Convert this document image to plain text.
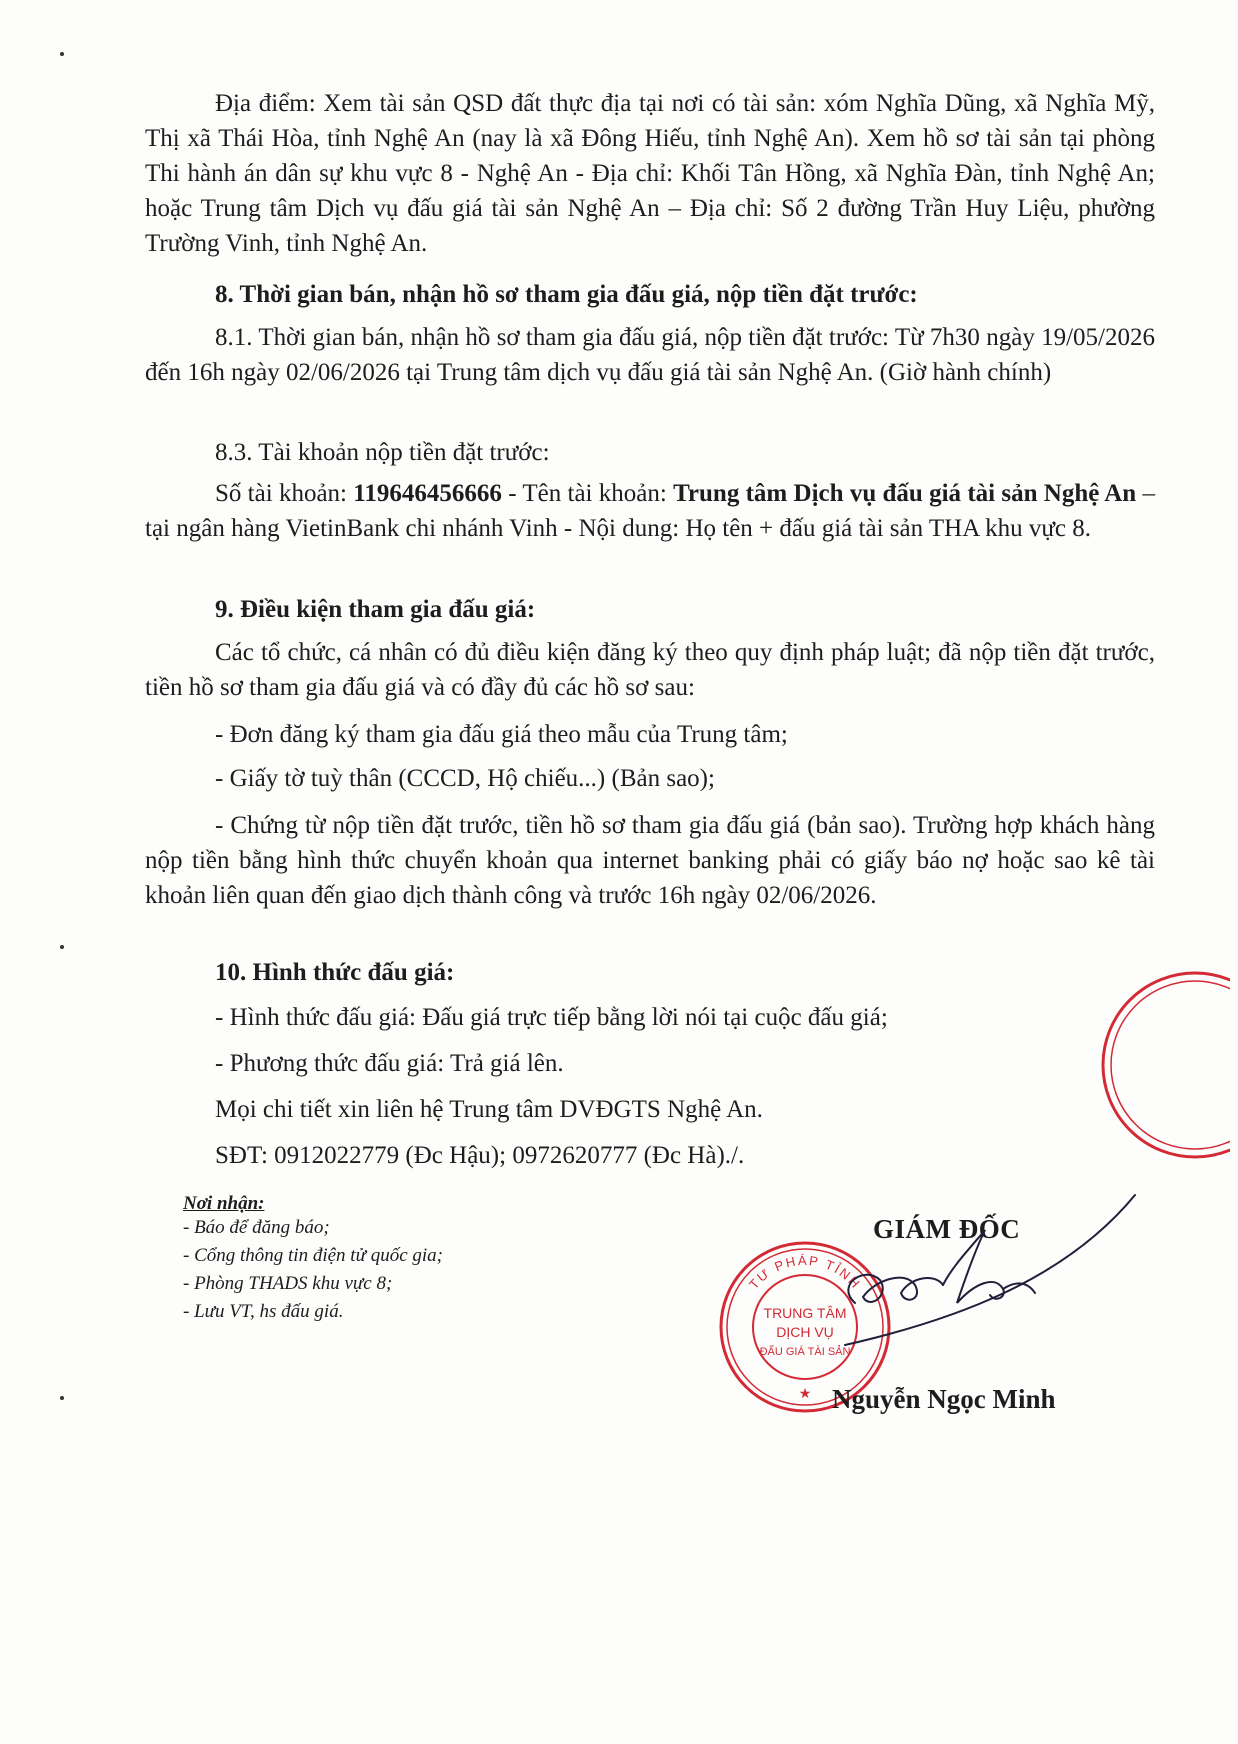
Địa điểm: Xem tài sản QSD đất thực địa tại nơi có tài sản: xóm Nghĩa Dũng, xã Nghĩa Mỹ, Thị xã Thái Hòa, tỉnh Nghệ An (nay là xã Đông Hiếu, tỉnh Nghệ An). Xem hồ sơ tài sản tại phòng Thi hành án dân sự khu vực 8 - Nghệ An - Địa chỉ: Khối Tân Hồng, xã Nghĩa Đàn, tỉnh Nghệ An; hoặc Trung tâm Dịch vụ đấu giá tài sản Nghệ An – Địa chỉ: Số 2 đường Trần Huy Liệu, phường Trường Vinh, tỉnh Nghệ An.

8. Thời gian bán, nhận hồ sơ tham gia đấu giá, nộp tiền đặt trước:

8.1. Thời gian bán, nhận hồ sơ tham gia đấu giá, nộp tiền đặt trước: Từ 7h30 ngày 19/05/2026 đến 16h ngày 02/06/2026 tại Trung tâm dịch vụ đấu giá tài sản Nghệ An. (Giờ hành chính)

8.3. Tài khoản nộp tiền đặt trước:

Số tài khoản: 119646456666 - Tên tài khoản: Trung tâm Dịch vụ đấu giá tài sản Nghệ An – tại ngân hàng VietinBank chi nhánh Vinh - Nội dung: Họ tên + đấu giá tài sản THA khu vực 8.

9. Điều kiện tham gia đấu giá:

Các tổ chức, cá nhân có đủ điều kiện đăng ký theo quy định pháp luật; đã nộp tiền đặt trước, tiền hồ sơ tham gia đấu giá và có đầy đủ các hồ sơ sau:

- Đơn đăng ký tham gia đấu giá theo mẫu của Trung tâm;

- Giấy tờ tuỳ thân (CCCD, Hộ chiếu...) (Bản sao);

- Chứng từ nộp tiền đặt trước, tiền hồ sơ tham gia đấu giá (bản sao). Trường hợp khách hàng nộp tiền bằng hình thức chuyển khoản qua internet banking phải có giấy báo nợ hoặc sao kê tài khoản liên quan đến giao dịch thành công và trước 16h ngày 02/06/2026.

10. Hình thức đấu giá:

- Hình thức đấu giá: Đấu giá trực tiếp bằng lời nói tại cuộc đấu giá;

- Phương thức đấu giá: Trả giá lên.

Mọi chi tiết xin liên hệ Trung tâm DVĐGTS Nghệ An.

SĐT: 0912022779 (Đc Hậu); 0972620777 (Đc Hà)./.

Nơi nhận:
- Báo để đăng báo;
- Cổng thông tin điện tử quốc gia;
- Phòng THADS khu vực 8;
- Lưu VT, hs đấu giá.
GIÁM ĐỐC
TƯ PHÁP TỈNH
TRUNG TÂM
DỊCH VỤ
ĐẤU GIÁ TÀI SẢN
★ Nguyễn Ngọc Minh
